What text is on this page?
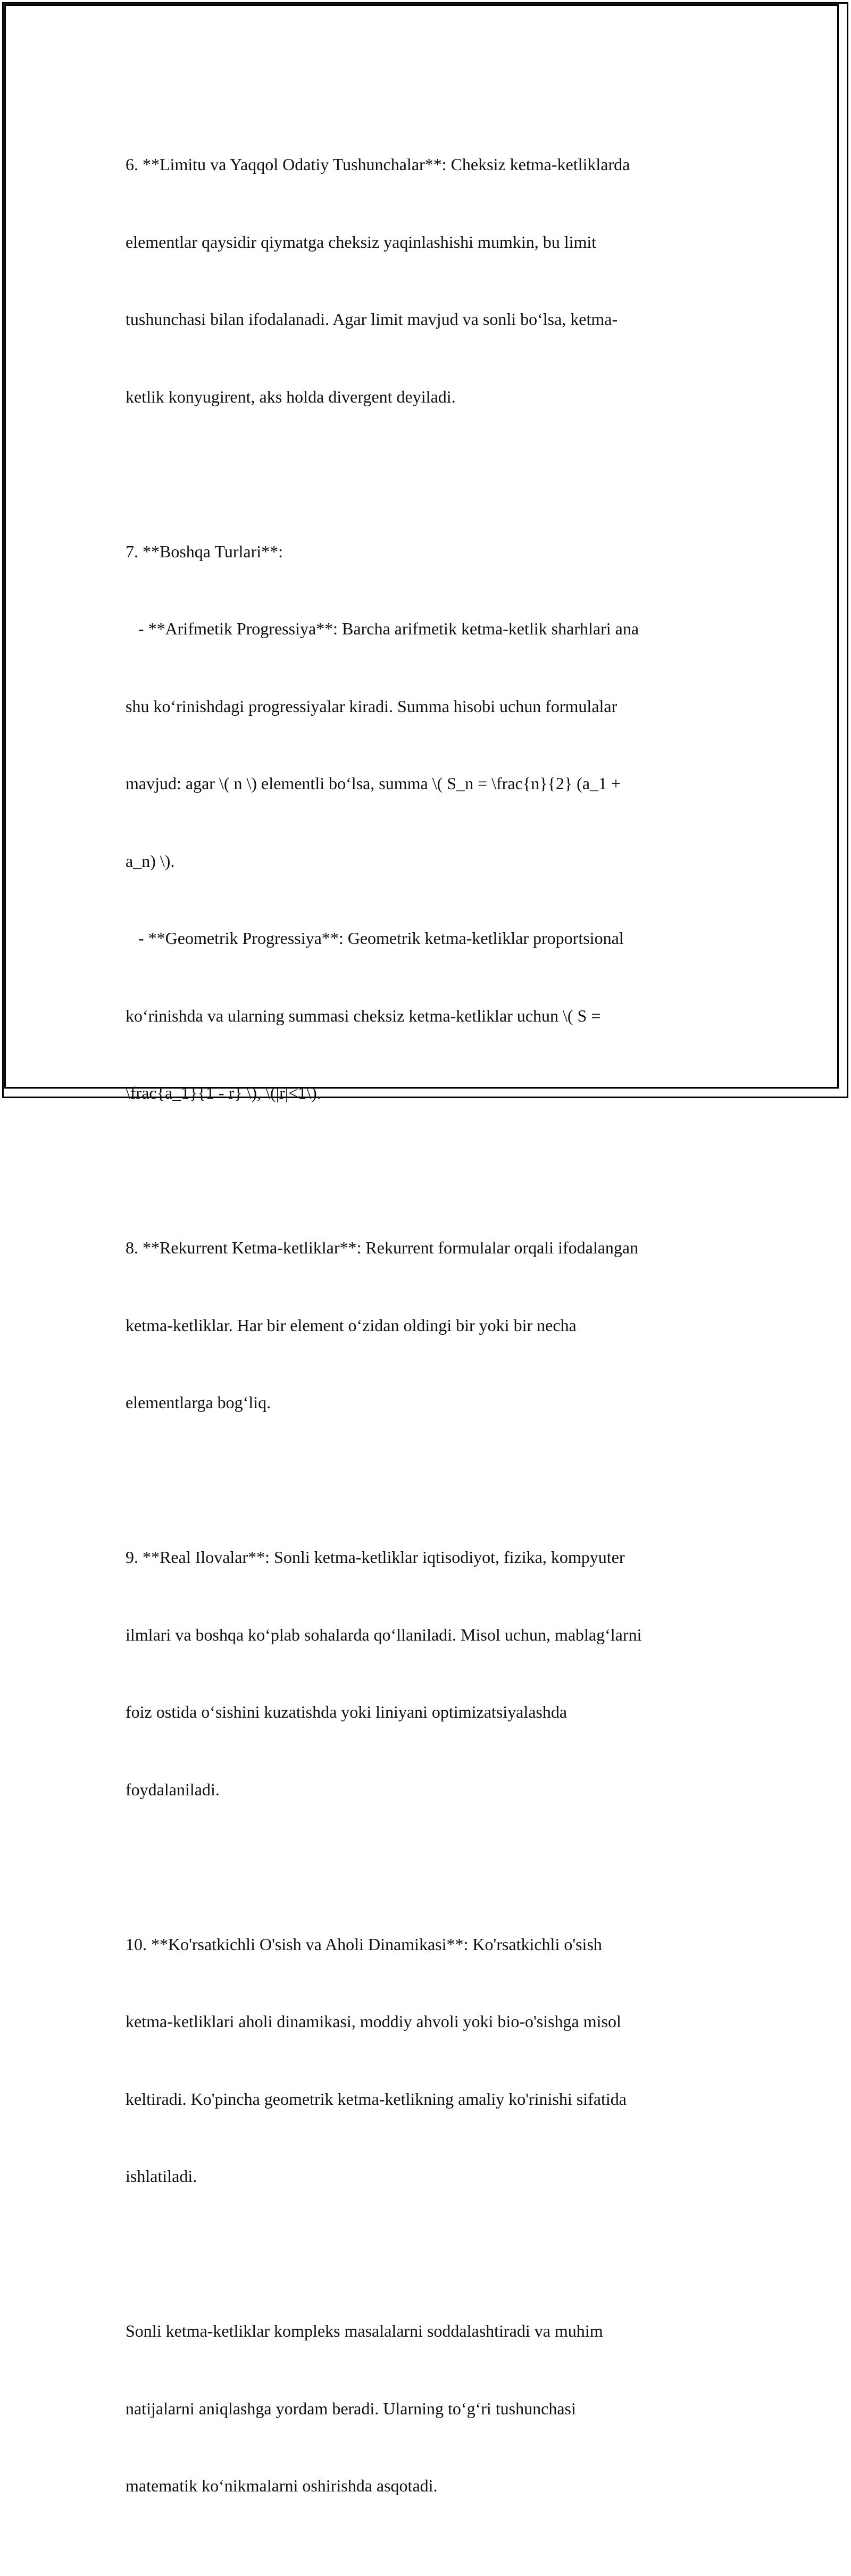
6. **Limitu va Yaqqol Odatiy Tushunchalar**: Cheksiz ketma-ketliklarda

elementlar qaysidir qiymatga cheksiz yaqinlashishi mumkin, bu limit

tushunchasi bilan ifodalanadi. Agar limit mavjud va sonli bo‘lsa, ketma-

ketlik konyugirent, aks holda divergent deyiladi.

7. **Boshqa Turlari**:

- **Arifmetik Progressiya**: Barcha arifmetik ketma-ketlik sharhlari ana

shu ko‘rinishdagi progressiyalar kiradi. Summa hisobi uchun formulalar

mavjud: agar \( n \) elementli bo‘lsa, summa \( S_n = \frac{n}{2} (a_1 +

a_n) \).

- **Geometrik Progressiya**: Geometrik ketma-ketliklar proportsional

ko‘rinishda va ularning summasi cheksiz ketma-ketliklar uchun \( S =

\frac{a_1}{1 - r} \), \(|r|<1\).

8. **Rekurrent Ketma-ketliklar**: Rekurrent formulalar orqali ifodalangan

ketma-ketliklar. Har bir element o‘zidan oldingi bir yoki bir necha

elementlarga bog‘liq.

9. **Real Ilovalar**: Sonli ketma-ketliklar iqtisodiyot, fizika, kompyuter

ilmlari va boshqa ko‘plab sohalarda qo‘llaniladi. Misol uchun, mablag‘larni

foiz ostida o‘sishini kuzatishda yoki liniyani optimizatsiyalashda

foydalaniladi.

10. **Ko'rsatkichli O'sish va Aholi Dinamikasi**: Ko'rsatkichli o'sish

ketma-ketliklari aholi dinamikasi, moddiy ahvoli yoki bio-o'sishga misol

keltiradi. Ko'pincha geometrik ketma-ketlikning amaliy ko'rinishi sifatida

ishlatiladi.

Sonli ketma-ketliklar kompleks masalalarni soddalashtiradi va muhim

natijalarni aniqlashga yordam beradi. Ularning to‘g‘ri tushunchasi

matematik ko‘nikmalarni oshirishda asqotadi.
